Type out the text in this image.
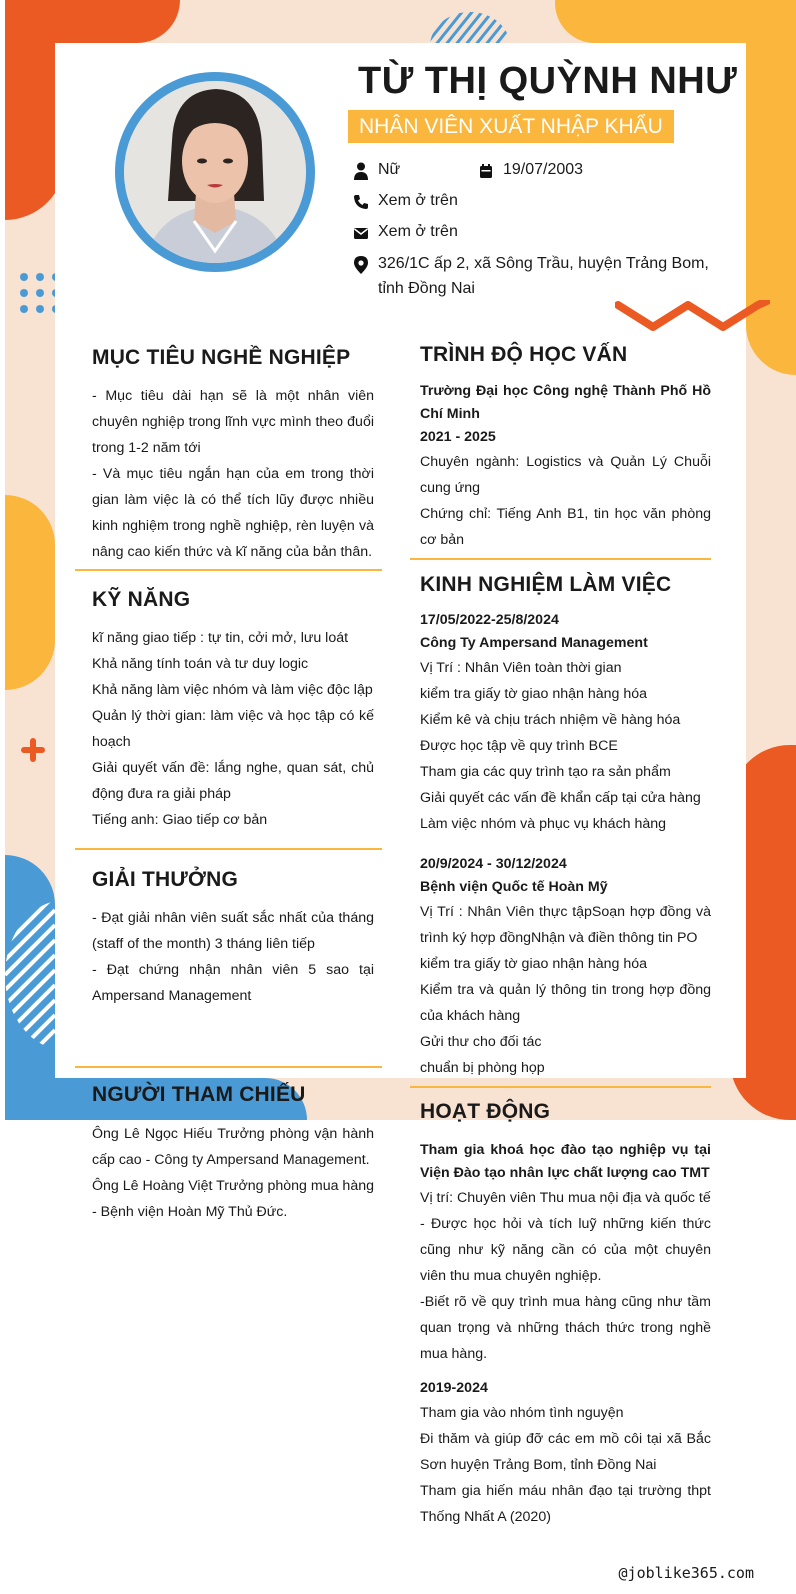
TỪ THỊ QUỲNH NHƯ
NHÂN VIÊN XUẤT NHẬP KHẨU
Nữ	19/07/2003
Xem ở trên
Xem ở trên
326/1C ấp 2, xã Sông Trầu, huyện Trảng Bom, tỉnh Đồng Nai
MỤC TIÊU NGHỀ NGHIỆP
- Mục tiêu dài hạn sẽ là một nhân viên chuyên nghiệp trong lĩnh vực mình theo đuổi trong 1-2 năm tới
- Và mục tiêu ngắn hạn của em trong thời gian làm việc là có thể tích lũy được nhiều kinh nghiệm trong nghề nghiệp, rèn luyện và nâng cao kiến thức và kĩ năng của bản thân.
KỸ NĂNG
kĩ năng giao tiếp : tự tin, cởi mở, lưu loát
Khả năng tính toán và tư duy logic
Khả năng làm việc nhóm và làm việc độc lập
Quản lý thời gian: làm việc và học tập có kế hoạch
Giải quyết vấn đề: lắng nghe, quan sát, chủ động đưa ra giải pháp
Tiếng anh: Giao tiếp cơ bản
GIẢI THƯỞNG
- Đạt giải nhân viên suất sắc nhất của tháng (staff of the month) 3 tháng liên tiếp
- Đạt chứng nhận nhân viên 5 sao tại Ampersand Management
NGƯỜI THAM CHIẾU
Ông Lê Ngọc Hiếu Trưởng phòng vận hành cấp cao - Công ty Ampersand Management.
Ông Lê Hoàng Việt Trưởng phòng mua hàng - Bệnh viện Hoàn Mỹ Thủ Đức.
TRÌNH ĐỘ HỌC VẤN
Trường Đại học Công nghệ Thành Phố Hồ Chí Minh
2021 - 2025
Chuyên ngành: Logistics và Quản Lý Chuỗi cung ứng
Chứng chỉ: Tiếng Anh B1, tin học văn phòng cơ bản
KINH NGHIỆM LÀM VIỆC
17/05/2022-25/8/2024
Công Ty Ampersand Management
Vị Trí : Nhân Viên toàn thời gian
kiểm tra giấy tờ giao nhận hàng hóa
Kiểm kê và chịu trách nhiệm về hàng hóa
Được học tập về quy trình BCE
Tham gia các quy trình tạo ra sản phẩm
Giải quyết các vấn đề khẩn cấp tại cửa hàng
Làm việc nhóm và phục vụ khách hàng
20/9/2024 - 30/12/2024
Bệnh viện Quốc tế Hoàn Mỹ
Vị Trí : Nhân Viên thực tậpSoạn hợp đồng và trình ký hợp đồngNhận và điền thông tin PO
kiểm tra giấy tờ giao nhận hàng hóa
Kiểm tra và quản lý thông tin trong hợp đồng của khách hàng
Gửi thư cho đối tác
chuẩn bị phòng họp
HOẠT ĐỘNG
Tham gia khoá học đào tạo nghiệp vụ tại Viện Đào tạo nhân lực chất lượng cao TMT
Vị trí: Chuyên viên Thu mua nội địa và quốc tế
- Được học hỏi và tích luỹ những kiến thức cũng như kỹ năng cần có của một chuyên viên thu mua chuyên nghiệp.
-Biết rõ về quy trình mua hàng cũng như tầm quan trọng và những thách thức trong nghề mua hàng.
2019-2024
Tham gia vào nhóm tình nguyện
Đi thăm và giúp đỡ các em mồ côi tại xã Bắc Sơn huyện Trảng Bom, tỉnh Đồng Nai
Tham gia hiến máu nhân đạo tại trường thpt Thống Nhất A (2020)
@joblike365.com
